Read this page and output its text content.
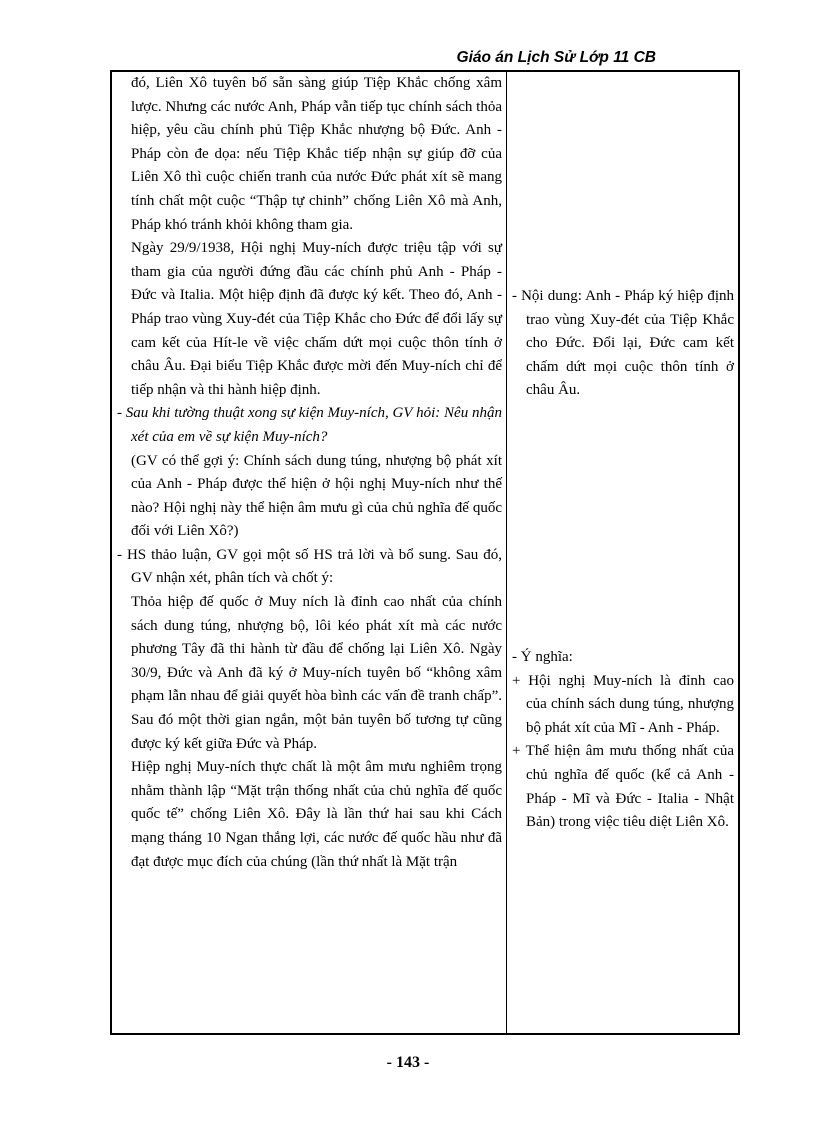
Giáo án Lịch Sử Lớp 11 CB

đó, Liên Xô tuyên bố sẵn sàng giúp Tiệp Khắc chống xâm lược. Nhưng các nước Anh, Pháp vẫn tiếp tục chính sách thỏa hiệp, yêu cầu chính phủ Tiệp Khắc nhượng bộ Đức. Anh - Pháp còn đe dọa: nếu Tiệp Khắc tiếp nhận sự giúp đỡ của Liên Xô thì cuộc chiến tranh của nước Đức phát xít sẽ mang tính chất một cuộc “Thập tự chinh” chống Liên Xô mà Anh, Pháp khó tránh khỏi không tham gia.

Ngày 29/9/1938, Hội nghị Muy-ních được triệu tập với sự tham gia của người đứng đầu các chính phủ Anh - Pháp - Đức và Italia. Một hiệp định đã được ký kết. Theo đó, Anh - Pháp trao vùng Xuy-đét của Tiệp Khắc cho Đức để đổi lấy sự cam kết của Hít-le về việc chấm dứt mọi cuộc thôn tính ở châu Âu. Đại biểu Tiệp Khắc được mời đến Muy-ních chỉ để tiếp nhận và thi hành hiệp định.

- Sau khi tường thuật xong sự kiện Muy-ních, GV hỏi: Nêu nhận xét của em về sự kiện Muy-ních?

(GV có thể gợi ý: Chính sách dung túng, nhượng bộ phát xít của Anh - Pháp được thể hiện ở hội nghị Muy-ních như thế nào? Hội nghị này thể hiện âm mưu gì của chủ nghĩa đế quốc đối với Liên Xô?)

- HS thảo luận, GV gọi một số HS trả lời và bổ sung. Sau đó, GV nhận xét, phân tích và chốt ý:

Thỏa hiệp đế quốc ở Muy ních là đỉnh cao nhất của chính sách dung túng, nhượng bộ, lôi kéo phát xít mà các nước phương Tây đã thi hành từ đầu để chống lại Liên Xô. Ngày 30/9, Đức và Anh đã ký ở Muy-ních tuyên bố “không xâm phạm lẫn nhau để giải quyết hòa bình các vấn đề tranh chấp”. Sau đó một thời gian ngắn, một bản tuyên bố tương tự cũng được ký kết giữa Đức và Pháp.

Hiệp nghị Muy-ních thực chất là một âm mưu nghiêm trọng nhằm thành lập “Mặt trận thống nhất của chủ nghĩa đế quốc quốc tế” chống Liên Xô. Đây là lần thứ hai sau khi Cách mạng tháng 10 Ngan thắng lợi, các nước đế quốc hầu như đã đạt được mục đích của chúng (lần thứ nhất là Mặt trận

- Nội dung: Anh - Pháp ký hiệp định trao vùng Xuy-đét của Tiệp Khắc cho Đức. Đổi lại, Đức cam kết chấm dứt mọi cuộc thôn tính ở châu Âu.

- Ý nghĩa:

+ Hội nghị Muy-ních là đỉnh cao của chính sách dung túng, nhượng bộ phát xít của Mĩ - Anh - Pháp.

+ Thể hiện âm mưu thống nhất của chủ nghĩa đế quốc (kể cả Anh - Pháp - Mĩ và Đức - Italia - Nhật Bản) trong việc tiêu diệt Liên Xô.

- 143 -
